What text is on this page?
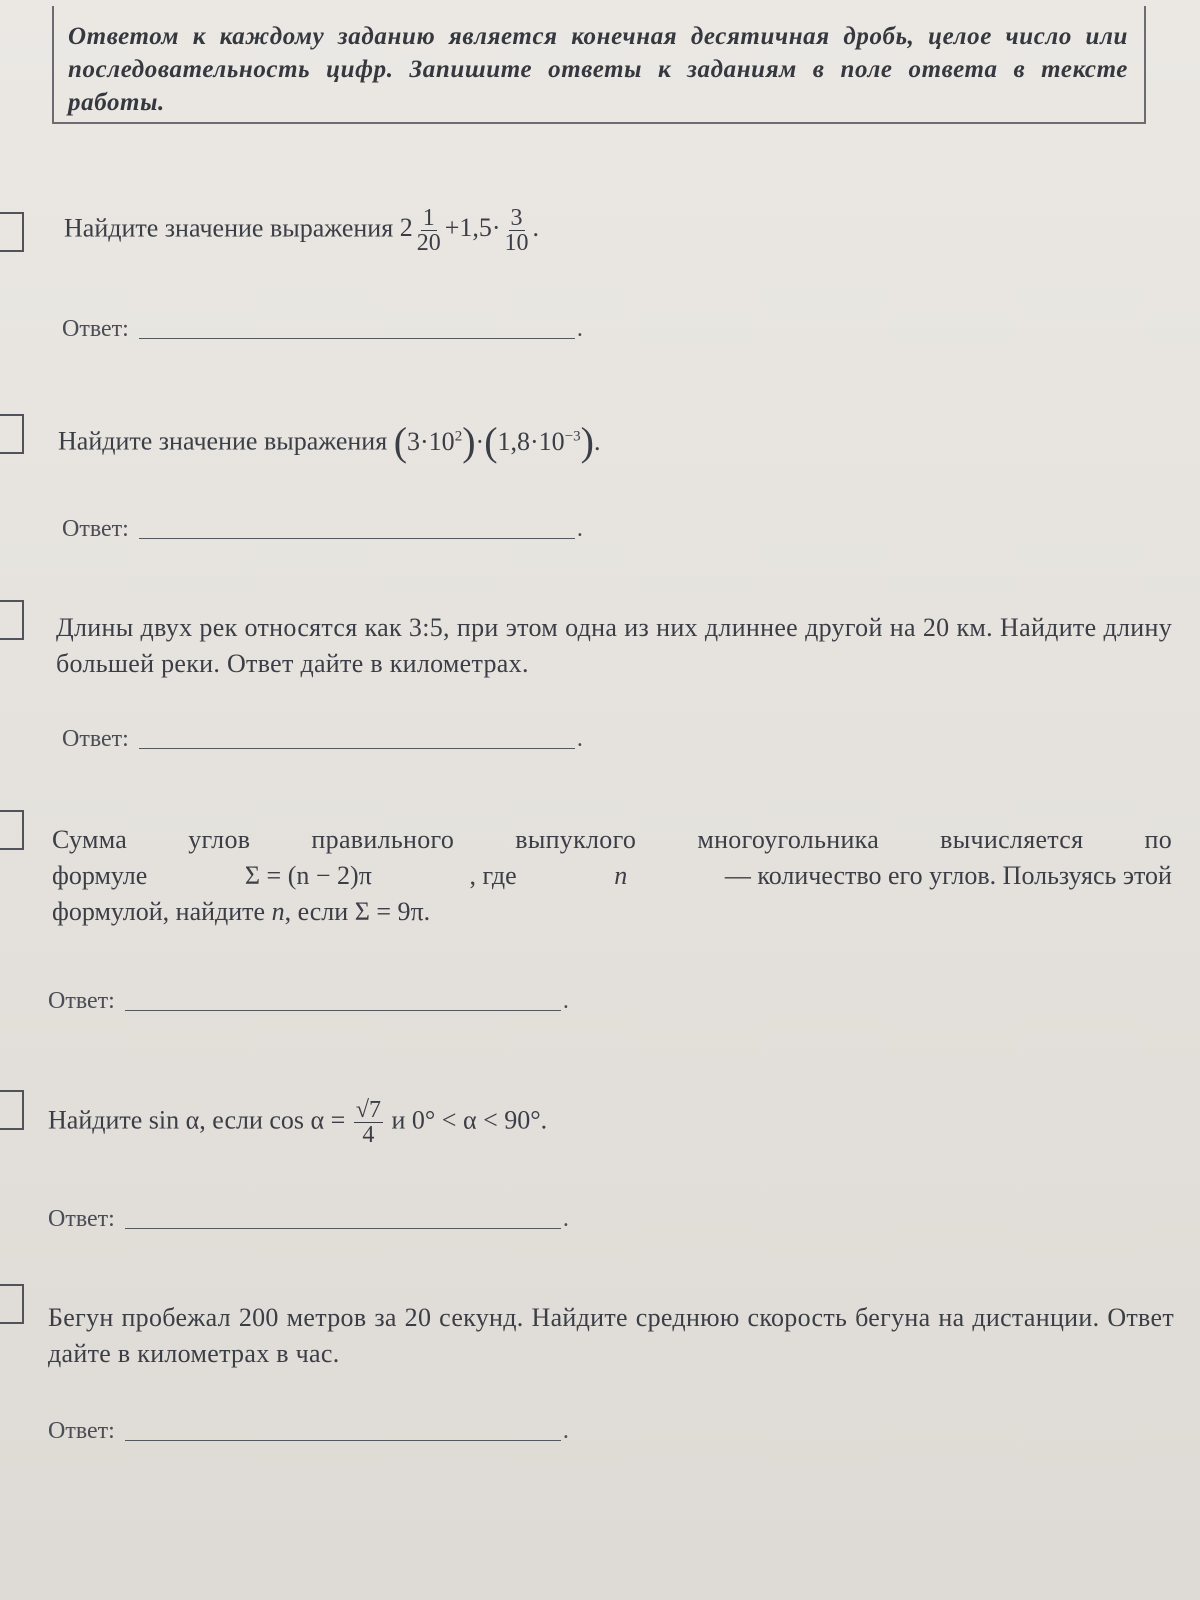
Ответом к каждому заданию является конечная десятичная дробь, целое число или последовательность цифр. Запишите ответы к заданиям в поле ответа в тексте работы.

Найдите значение выражения $2 \frac{1}{20} +1,5\cdot \frac{3}{10}$ .
Ответ:	.
Найдите значение выражения $(3\cdot 10^2)\cdot(1,8\cdot 10^{-3})$.
Ответ:	.
Длины двух рек относятся как 3:5, при этом одна из них длиннее другой на 20 км. Найдите длину большей реки. Ответ дайте в километрах.
Ответ:	.
Сумма углов правильного выпуклого многоугольника вычисляется по
формуле	Σ = (n − 2)π	, где	n	— количество его углов. Пользуясь этой
формулой, найдите n, если Σ = 9π.
Ответ:	.
Найдите sin α, если $\cos \alpha = \frac{√7}{4}$ и 0° < α < 90°.
Ответ:	.
Бегун пробежал 200 метров за 20 секунд. Найдите среднюю скорость бегуна на дистанции. Ответ дайте в километрах в час.
Ответ:	.
